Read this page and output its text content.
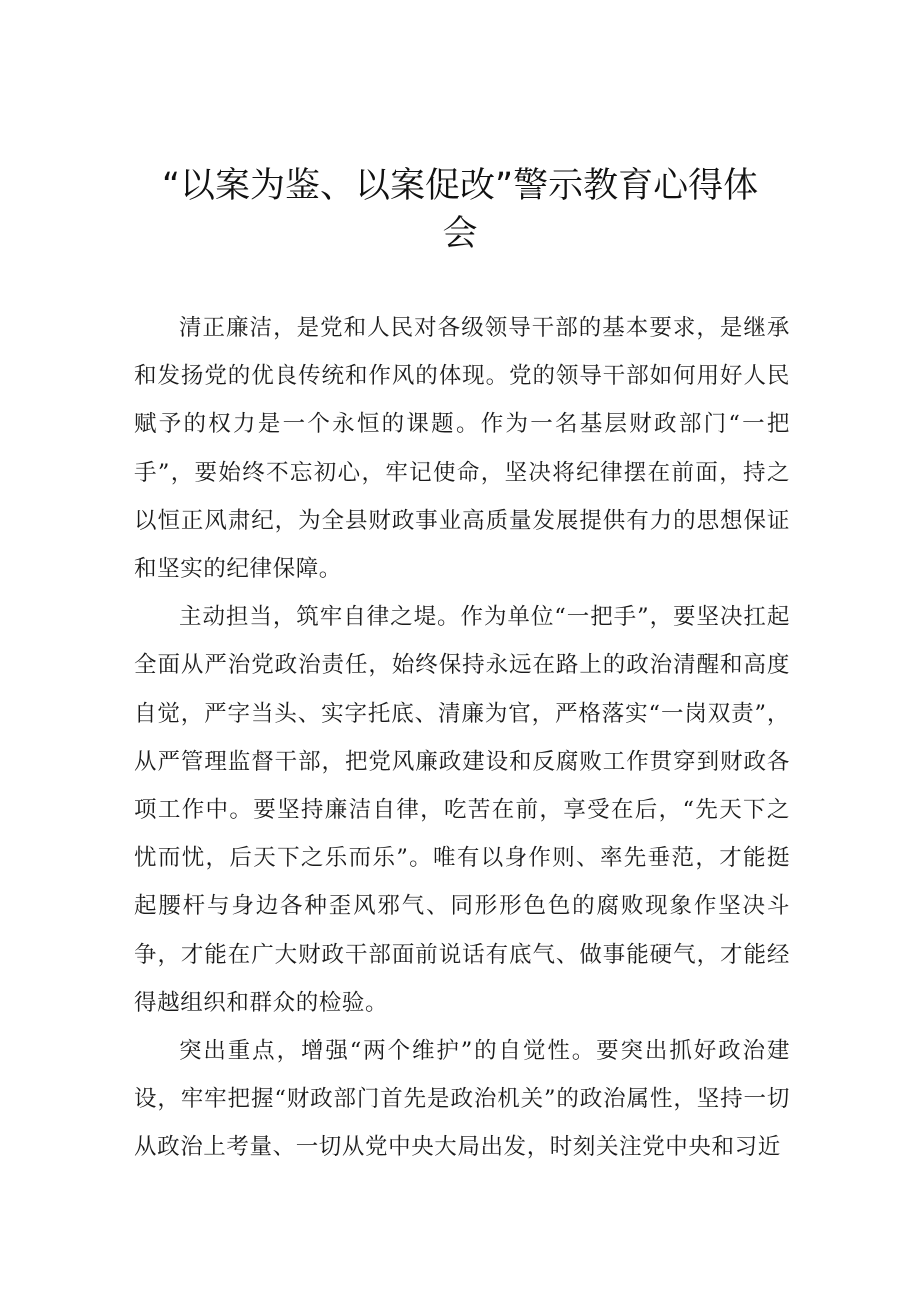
“以案为鉴、以案促改”警示教育心得体会

清正廉洁，是党和人民对各级领导干部的基本要求，是继承和发扬党的优良传统和作风的体现。党的领导干部如何用好人民赋予的权力是一个永恒的课题。作为一名基层财政部门“一把手”，要始终不忘初心，牢记使命，坚决将纪律摆在前面，持之以恒正风肃纪，为全县财政事业高质量发展提供有力的思想保证和坚实的纪律保障。

主动担当，筑牢自律之堤。作为单位“一把手”，要坚决扛起全面从严治党政治责任，始终保持永远在路上的政治清醒和高度自觉，严字当头、实字托底、清廉为官，严格落实“一岗双责”，从严管理监督干部，把党风廉政建设和反腐败工作贯穿到财政各项工作中。要坚持廉洁自律，吃苦在前，享受在后，“先天下之忧而忧，后天下之乐而乐”。唯有以身作则、率先垂范，才能挺起腰杆与身边各种歪风邪气、同形形色色的腐败现象作坚决斗争，才能在广大财政干部面前说话有底气、做事能硬气，才能经得越组织和群众的检验。

突出重点，增强“两个维护”的自觉性。要突出抓好政治建设，牢牢把握“财政部门首先是政治机关”的政治属性，坚持一切从政治上考量、一切从党中央大局出发，时刻关注党中央和习近
